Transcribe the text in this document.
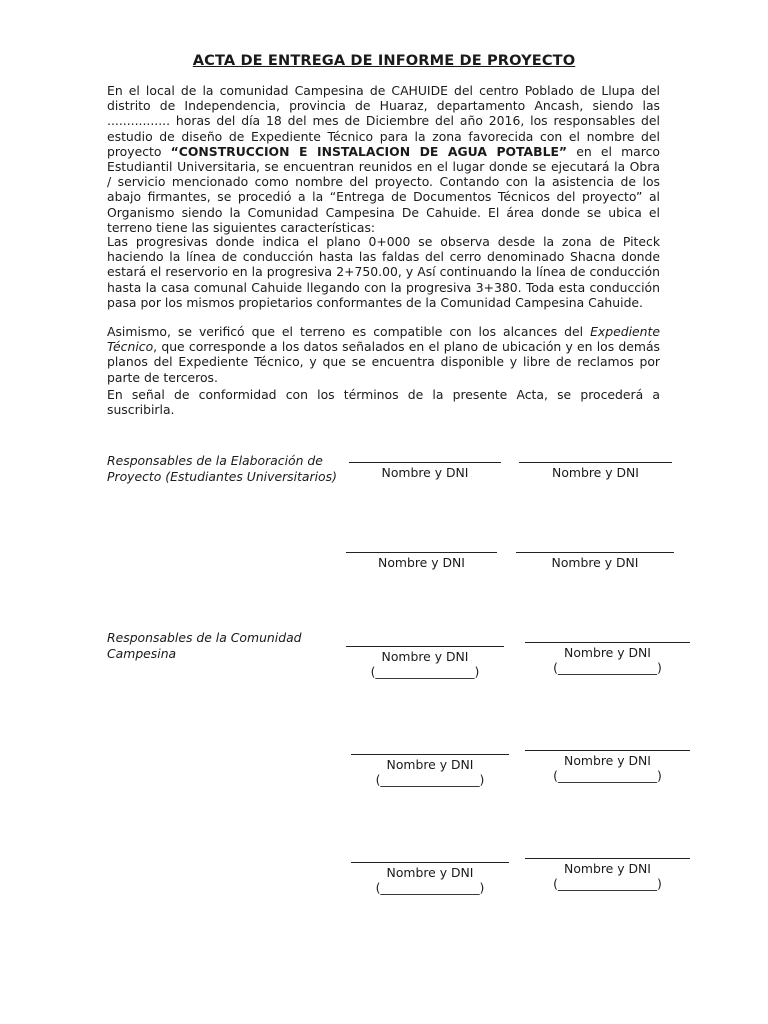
ACTA DE ENTREGA DE INFORME DE PROYECTO

En el local de la comunidad Campesina de CAHUIDE del centro Poblado de Llupa del distrito de Independencia, provincia de Huaraz, departamento Ancash, siendo las ................ horas del día 18 del mes de Diciembre del año 2016, los responsables del estudio de diseño de Expediente Técnico para la zona favorecida con el nombre del proyecto “CONSTRUCCION E INSTALACION DE AGUA POTABLE” en el marco Estudiantil Universitaria, se encuentran reunidos en el lugar donde se ejecutará la Obra / servicio mencionado como nombre del proyecto. Contando con la asistencia de los abajo firmantes, se procedió a la “Entrega de Documentos Técnicos del proyecto” al Organismo siendo la Comunidad Campesina De Cahuide. El área donde se ubica el terreno tiene las siguientes características:

Las progresivas donde indica el plano 0+000 se observa desde la zona de Piteck haciendo la línea de conducción hasta las faldas del cerro denominado Shacna donde estará el reservorio en la progresiva 2+750.00, y Así continuando la línea de conducción hasta la casa comunal Cahuide llegando con la progresiva 3+380. Toda esta conducción pasa por los mismos propietarios conformantes de la Comunidad Campesina Cahuide.

Asimismo, se verificó que el terreno es compatible con los alcances del Expediente Técnico, que corresponde a los datos señalados en el plano de ubicación y en los demás planos del Expediente Técnico, y que se encuentra disponible y libre de reclamos por parte de terceros.

En señal de conformidad con los términos de la presente Acta, se procederá a suscribirla.

Responsables de la Elaboración de Proyecto (Estudiantes Universitarios)
Responsables de la Comunidad Campesina
Nombre y DNI	Nombre y DNI
Nombre y DNI	Nombre y DNI
Nombre y DNI
(________________)
Nombre y DNI
(________________)
Nombre y DNI
(________________)
Nombre y DNI
(________________)
Nombre y DNI
(________________)
Nombre y DNI
(________________)
